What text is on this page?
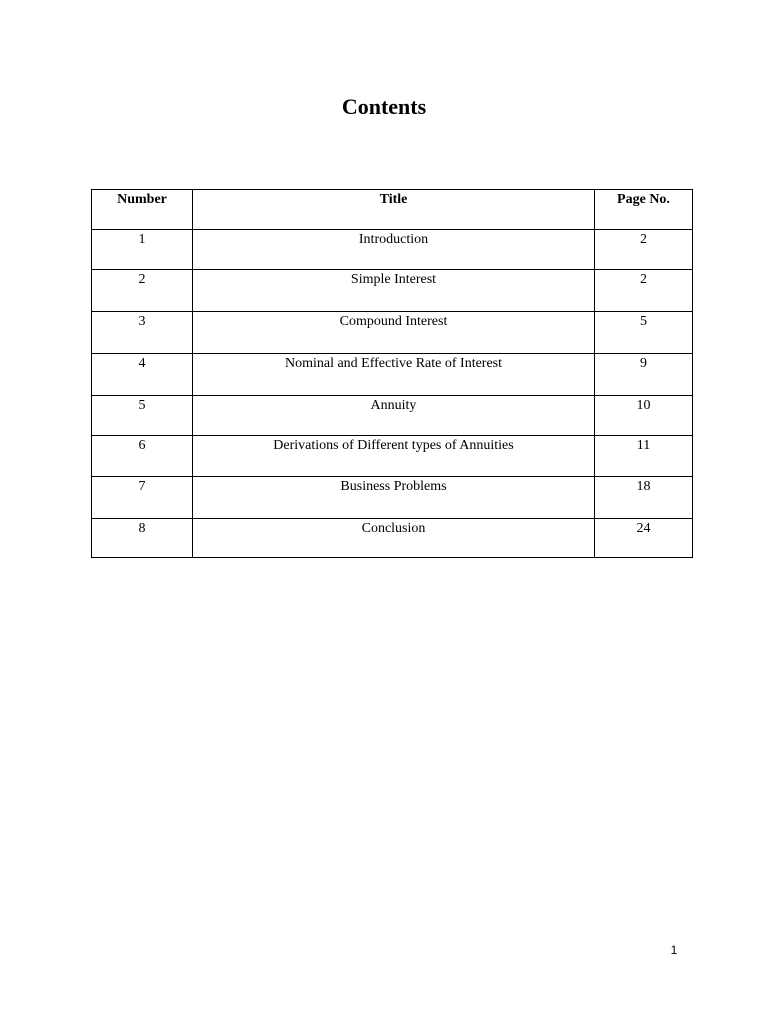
Contents
Number	Title	Page No.
1	Introduction	2
2	Simple Interest	2
3	Compound Interest	5
4	Nominal and Effective Rate of Interest	9
5	Annuity	10
6	Derivations of Different types of Annuities	11
7	Business Problems	18
8	Conclusion	24
1
